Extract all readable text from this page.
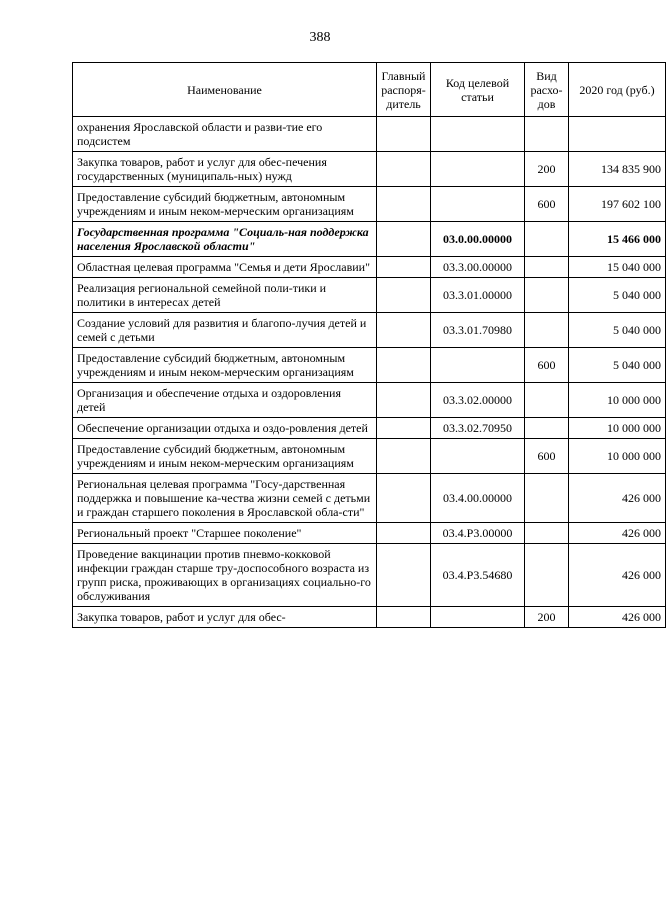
388
Наименование	Главный распоря-дитель	Код целевой статьи	Вид расхо-дов	2020 год (руб.)
охранения Ярославской области и разви-тие его подсистем				
Закупка товаров, работ и услуг для обес-печения государственных (муниципаль-ных) нужд			200	134 835 900
Предоставление субсидий бюджетным, автономным учреждениям и иным неком-мерческим организациям			600	197 602 100
Государственная программа "Социаль-ная поддержка населения Ярославской области"		03.0.00.00000		15 466 000
Областная целевая программа "Семья и дети Ярославии"		03.3.00.00000		15 040 000
Реализация региональной семейной поли-тики и политики в интересах детей		03.3.01.00000		5 040 000
Создание условий для развития и благопо-лучия детей и семей с детьми		03.3.01.70980		5 040 000
Предоставление субсидий бюджетным, автономным учреждениям и иным неком-мерческим организациям			600	5 040 000
Организация и обеспечение отдыха и оздоровления детей		03.3.02.00000		10 000 000
Обеспечение организации отдыха и оздо-ровления детей		03.3.02.70950		10 000 000
Предоставление субсидий бюджетным, автономным учреждениям и иным неком-мерческим организациям			600	10 000 000
Региональная целевая программа "Госу-дарственная поддержка и повышение ка-чества жизни семей с детьми и граждан старшего поколения в Ярославской обла-сти"		03.4.00.00000		426 000
Региональный проект "Старшее поколение"		03.4.P3.00000		426 000
Проведение вакцинации против пневмо-кокковой инфекции граждан старше тру-доспособного возраста из групп риска, проживающих в организациях социально-го обслуживания		03.4.P3.54680		426 000
Закупка товаров, работ и услуг для обес-			200	426 000
